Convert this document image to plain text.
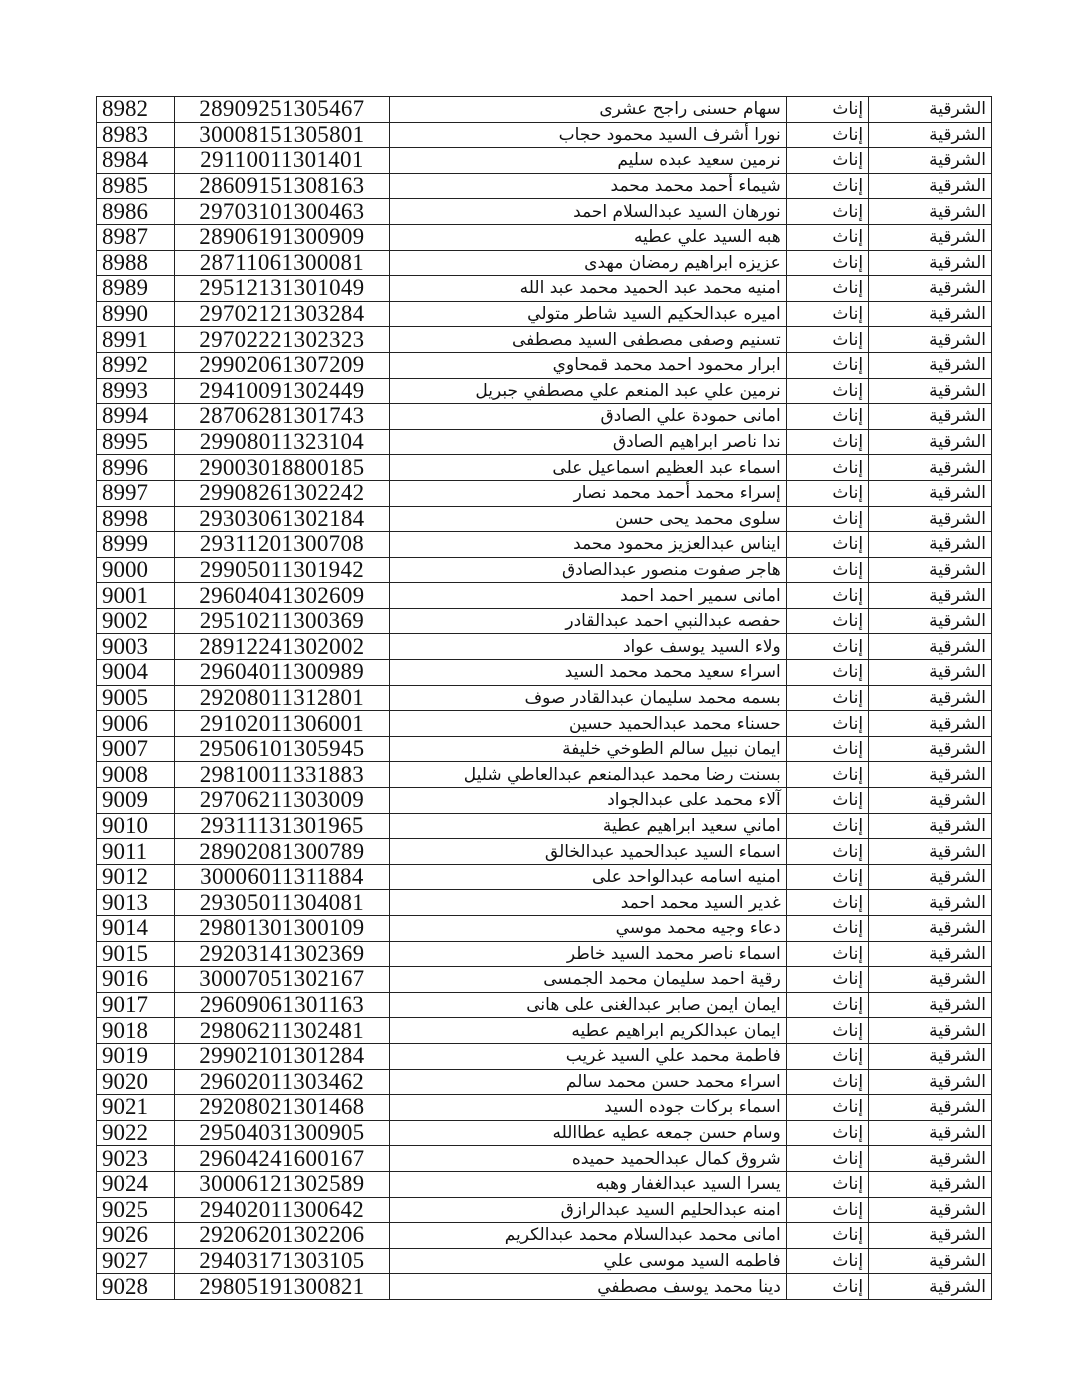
8982	28909251305467	سهام حسنى راجح عشرى	إناث	الشرقية
8983	30008151305801	نورا أشرف السيد محمود حجاب	إناث	الشرقية
8984	29110011301401	نرمين سعيد عبده سليم	إناث	الشرقية
8985	28609151308163	شيماء أحمد محمد محمد	إناث	الشرقية
8986	29703101300463	نورهان السيد عبدالسلام احمد	إناث	الشرقية
8987	28906191300909	هبه السيد علي عطيه	إناث	الشرقية
8988	28711061300081	عزيزه ابراهيم رمضان مهدى	إناث	الشرقية
8989	29512131301049	امنيه محمد عبد الحميد محمد عبد الله	إناث	الشرقية
8990	29702121303284	اميره عبدالحكيم السيد شاطر متولي	إناث	الشرقية
8991	29702221302323	تسنيم وصفى مصطفى السيد مصطفى	إناث	الشرقية
8992	29902061307209	ابرار محمود احمد محمد قمحاوي	إناث	الشرقية
8993	29410091302449	نرمين علي عبد المنعم علي مصطفي جبريل	إناث	الشرقية
8994	28706281301743	امانى حمودة علي الصادق	إناث	الشرقية
8995	29908011323104	ندا ناصر ابراهيم الصادق	إناث	الشرقية
8996	29003018800185	اسماء عبد العظيم اسماعيل على	إناث	الشرقية
8997	29908261302242	إسراء محمد أحمد محمد نصار	إناث	الشرقية
8998	29303061302184	سلوى محمد يحى حسن	إناث	الشرقية
8999	29311201300708	ايناس عبدالعزيز محمود محمد	إناث	الشرقية
9000	29905011301942	هاجر صفوت منصور عبدالصادق	إناث	الشرقية
9001	29604041302609	امانى سمير احمد احمد	إناث	الشرقية
9002	29510211300369	حفصه عبدالنبي احمد عبدالقادر	إناث	الشرقية
9003	28912241302002	ولاء السيد يوسف عواد	إناث	الشرقية
9004	29604011300989	اسراء سعيد محمد محمد السيد	إناث	الشرقية
9005	29208011312801	بسمه محمد سليمان عبدالقادر صوف	إناث	الشرقية
9006	29102011306001	حسناء محمد عبدالحميد حسين	إناث	الشرقية
9007	29506101305945	ايمان نبيل سالم الطوخي خليفة	إناث	الشرقية
9008	29810011331883	بسنت رضا محمد عبدالمنعم عبدالعاطي شليل	إناث	الشرقية
9009	29706211303009	آلاء محمد على عبدالجواد	إناث	الشرقية
9010	29311131301965	اماني سعيد ابراهيم عطية	إناث	الشرقية
9011	28902081300789	اسماء السيد عبدالحميد عبدالخالق	إناث	الشرقية
9012	30006011311884	امنيه اسامه عبدالواحد على	إناث	الشرقية
9013	29305011304081	غدير السيد محمد احمد	إناث	الشرقية
9014	29801301300109	دعاء وجيه محمد موسي	إناث	الشرقية
9015	29203141302369	اسماء ناصر محمد السيد خاطر	إناث	الشرقية
9016	30007051302167	رقية احمد سليمان محمد الجمسى	إناث	الشرقية
9017	29609061301163	ايمان ايمن صابر عبدالغنى على هانى	إناث	الشرقية
9018	29806211302481	ايمان عبدالكريم ابراهيم عطيه	إناث	الشرقية
9019	29902101301284	فاطمة محمد علي السيد غريب	إناث	الشرقية
9020	29602011303462	اسراء محمد حسن محمد سالم	إناث	الشرقية
9021	29208021301468	اسماء بركات جوده السيد	إناث	الشرقية
9022	29504031300905	وسام حسن جمعه عطيه عطاالله	إناث	الشرقية
9023	29604241600167	شروق كمال عبدالحميد حميده	إناث	الشرقية
9024	30006121302589	يسرا السيد عبدالغفار وهبه	إناث	الشرقية
9025	29402011300642	امنه عبدالحليم السيد عبدالرازق	إناث	الشرقية
9026	29206201302206	امانى محمد عبدالسلام محمد عبدالكريم	إناث	الشرقية
9027	29403171303105	فاطمه السيد موسى علي	إناث	الشرقية
9028	29805191300821	دينا محمد يوسف مصطفي	إناث	الشرقية
